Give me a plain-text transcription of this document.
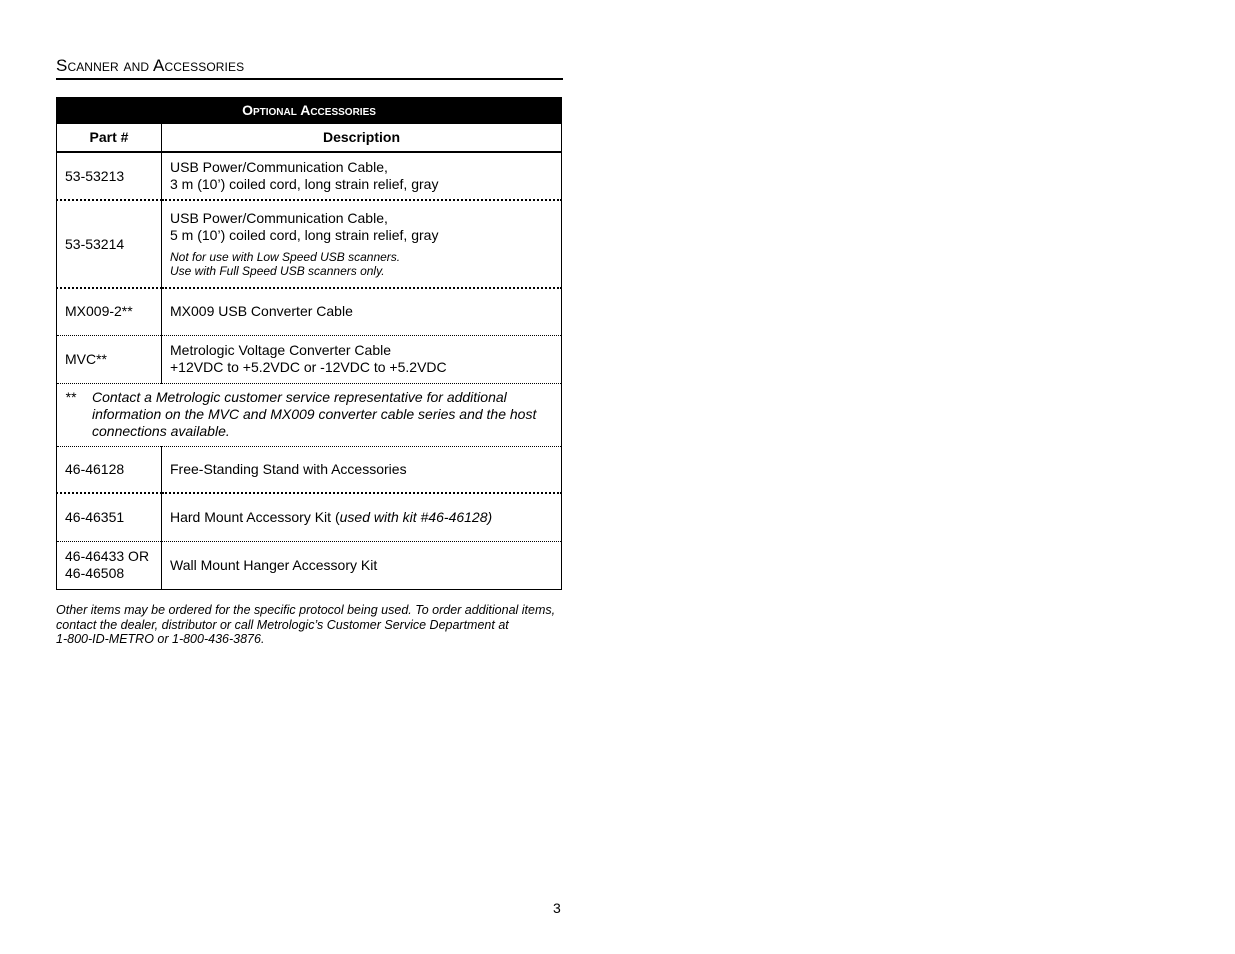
Scanner and Accessories
Optional Accessories	
Part #	Description
53-53213	USB Power/Communication Cable,
3 m (10’) coiled cord, long strain relief, gray

53-53214	USB Power/Communication Cable,
5 m (10’) coiled cord, long strain relief, gray
Not for use with Low Speed USB scanners.
Use with Full Speed USB scanners only.

MX009-2**	MX009 USB Converter Cable

MVC**	Metrologic Voltage Converter Cable
+12VDC to +5.2VDC or -12VDC to +5.2VDC

** Contact a Metrologic customer service representative for additional information on the MVC and MX009 converter cable series and the host connections available.	

46-46128	Free-Standing Stand with Accessories

46-46351	Hard Mount Accessory Kit (used with kit #46-46128)

46-46433 OR
46-46508	Wall Mount Hanger Accessory Kit
Other items may be ordered for the specific protocol being used. To order additional items,
contact the dealer, distributor or call Metrologic’s Customer Service Department at
1-800-ID-METRO or 1-800-436-3876.
3
